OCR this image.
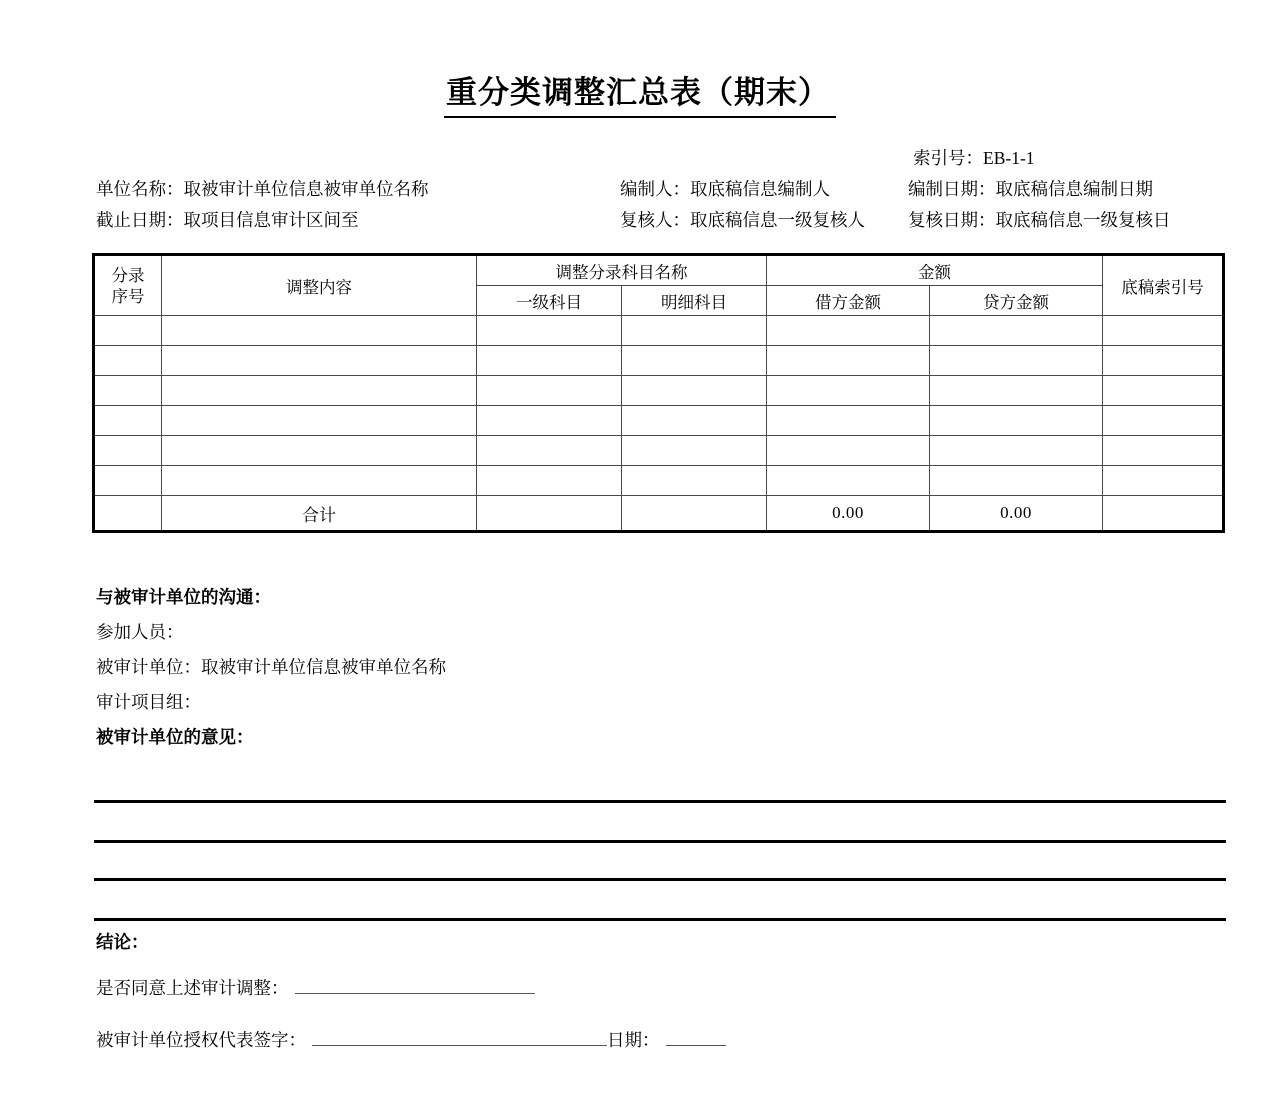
重分类调整汇总表（期末）
索引号：EB-1-1
单位名称：取被审计单位信息被审单位名称	编制人：取底稿信息编制人	编制日期：取底稿信息编制日期
截止日期：取项目信息审计区间至	复核人：取底稿信息一级复核人 复核日期：取底稿信息一级复核日
分录
序号	调整内容	调整分录科目名称		金额		底稿索引号
		一级科目	明细科目	借方金额	贷方金额	

	合计			0.00	0.00	
与被审计单位的沟通：
参加人员：
被审计单位：取被审计单位信息被审单位名称
审计项目组：
被审计单位的意见：
结论：
是否同意上述审计调整：
被审计单位授权代表签字：	日期：
